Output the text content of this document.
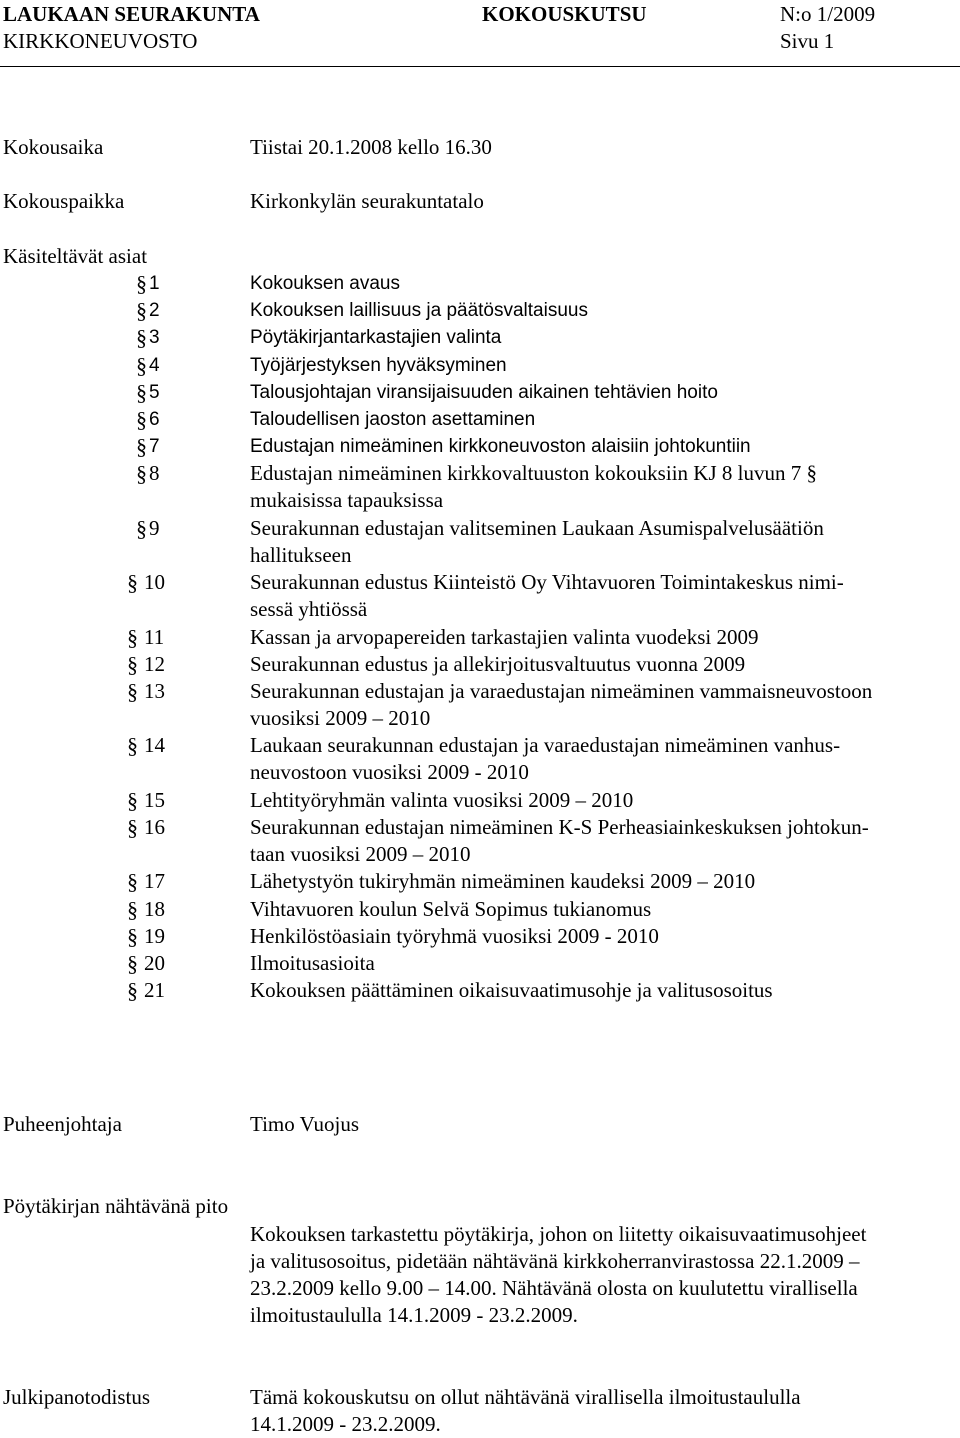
LAUKAAN SEURAKUNTA	KOKOUSKUTSU	N:o 1/2009
KIRKKONEUVOSTO	Sivu 1
Kokousaika	Tiistai 20.1.2008 kello 16.30
Kokouspaikka	Kirkonkylän seurakuntatalo
Käsiteltävät asiat
§ 1	Kokouksen avaus
§ 2	Kokouksen laillisuus ja päätösvaltaisuus
§ 3	Pöytäkirjantarkastajien valinta
§ 4	Työjärjestyksen hyväksyminen
§ 5	Talousjohtajan viransijaisuuden aikainen tehtävien hoito
§ 6	Taloudellisen jaoston asettaminen
§ 7	Edustajan nimeäminen kirkkoneuvoston alaisiin johtokuntiin
§ 8	Edustajan nimeäminen kirkkovaltuuston kokouksiin KJ 8 luvun 7 §
mukaisissa tapauksissa
§ 9	Seurakunnan edustajan valitseminen Laukaan Asumispalvelusäätiön
hallitukseen
§ 10	Seurakunnan edustus Kiinteistö Oy Vihtavuoren Toimintakeskus nimi-
sessä yhtiössä
§ 11	Kassan ja arvopapereiden tarkastajien valinta vuodeksi 2009
§ 12	Seurakunnan edustus ja allekirjoitusvaltuutus vuonna 2009
§ 13	Seurakunnan edustajan ja varaedustajan nimeäminen vammaisneuvostoon
vuosiksi 2009 – 2010
§ 14	Laukaan seurakunnan edustajan ja varaedustajan nimeäminen vanhus-
neuvostoon vuosiksi 2009 - 2010
§ 15	Lehtityöryhmän valinta vuosiksi 2009 – 2010
§ 16	Seurakunnan edustajan nimeäminen K-S Perheasiainkeskuksen johtokun-
taan vuosiksi 2009 – 2010
§ 17	Lähetystyön tukiryhmän nimeäminen kaudeksi 2009 – 2010
§ 18	Vihtavuoren koulun Selvä Sopimus tukianomus
§ 19	Henkilöstöasiain työryhmä vuosiksi 2009 - 2010
§ 20	Ilmoitusasioita
§ 21	Kokouksen päättäminen oikaisuvaatimusohje ja valitusosoitus
Puheenjohtaja	Timo Vuojus
Pöytäkirjan nähtävänä pito
Kokouksen tarkastettu pöytäkirja, johon on liitetty oikaisuvaatimusohjeet
ja valitusosoitus, pidetään nähtävänä kirkkoherranvirastossa 22.1.2009 –
23.2.2009 kello 9.00 – 14.00. Nähtävänä olosta on kuulutettu virallisella
ilmoitustaululla 14.1.2009 - 23.2.2009.
Julkipanotodistus	Tämä kokouskutsu on ollut nähtävänä virallisella ilmoitustaululla
14.1.2009 - 23.2.2009.
